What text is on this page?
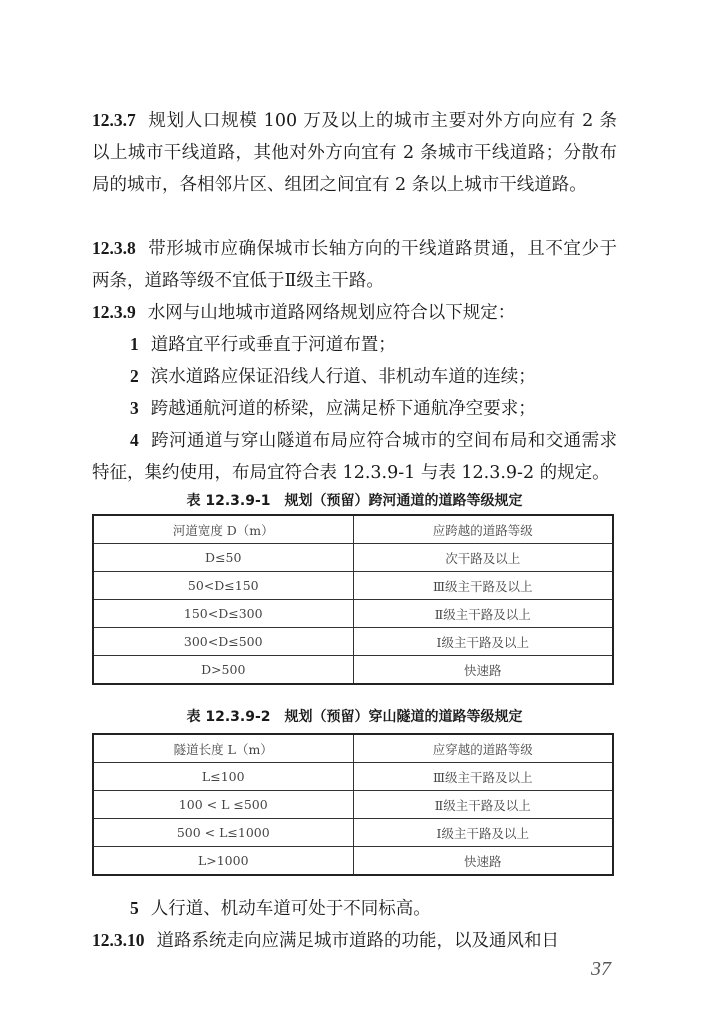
12.3.7 规划人口规模 100 万及以上的城市主要对外方向应有 2 条以上城市干线道路，其他对外方向宜有 2 条城市干线道路；分散布局的城市，各相邻片区、组团之间宜有 2 条以上城市干线道路。

12.3.8 带形城市应确保城市长轴方向的干线道路贯通，且不宜少于两条，道路等级不宜低于Ⅱ级主干路。

12.3.9 水网与山地城市道路网络规划应符合以下规定：

1 道路宜平行或垂直于河道布置；

2 滨水道路应保证沿线人行道、非机动车道的连续；

3 跨越通航河道的桥梁，应满足桥下通航净空要求；

4 跨河通道与穿山隧道布局应符合城市的空间布局和交通需求特征，集约使用，布局宜符合表 12.3.9-1 与表 12.3.9-2 的规定。

表 12.3.9-1　规划（预留）跨河通道的道路等级规定
河道宽度 D（m）	应跨越的道路等级
D≤50	次干路及以上
50<D≤150	Ⅲ级主干路及以上
150<D≤300	Ⅱ级主干路及以上
300<D≤500	Ⅰ级主干路及以上
D>500	快速路
表 12.3.9-2　规划（预留）穿山隧道的道路等级规定
隧道长度 L（m）	应穿越的道路等级
L≤100	Ⅲ级主干路及以上
100 < L ≤500	Ⅱ级主干路及以上
500 < L≤1000	Ⅰ级主干路及以上
L>1000	快速路

5 人行道、机动车道可处于不同标高。

12.3.10 道路系统走向应满足城市道路的功能，以及通风和日

37
